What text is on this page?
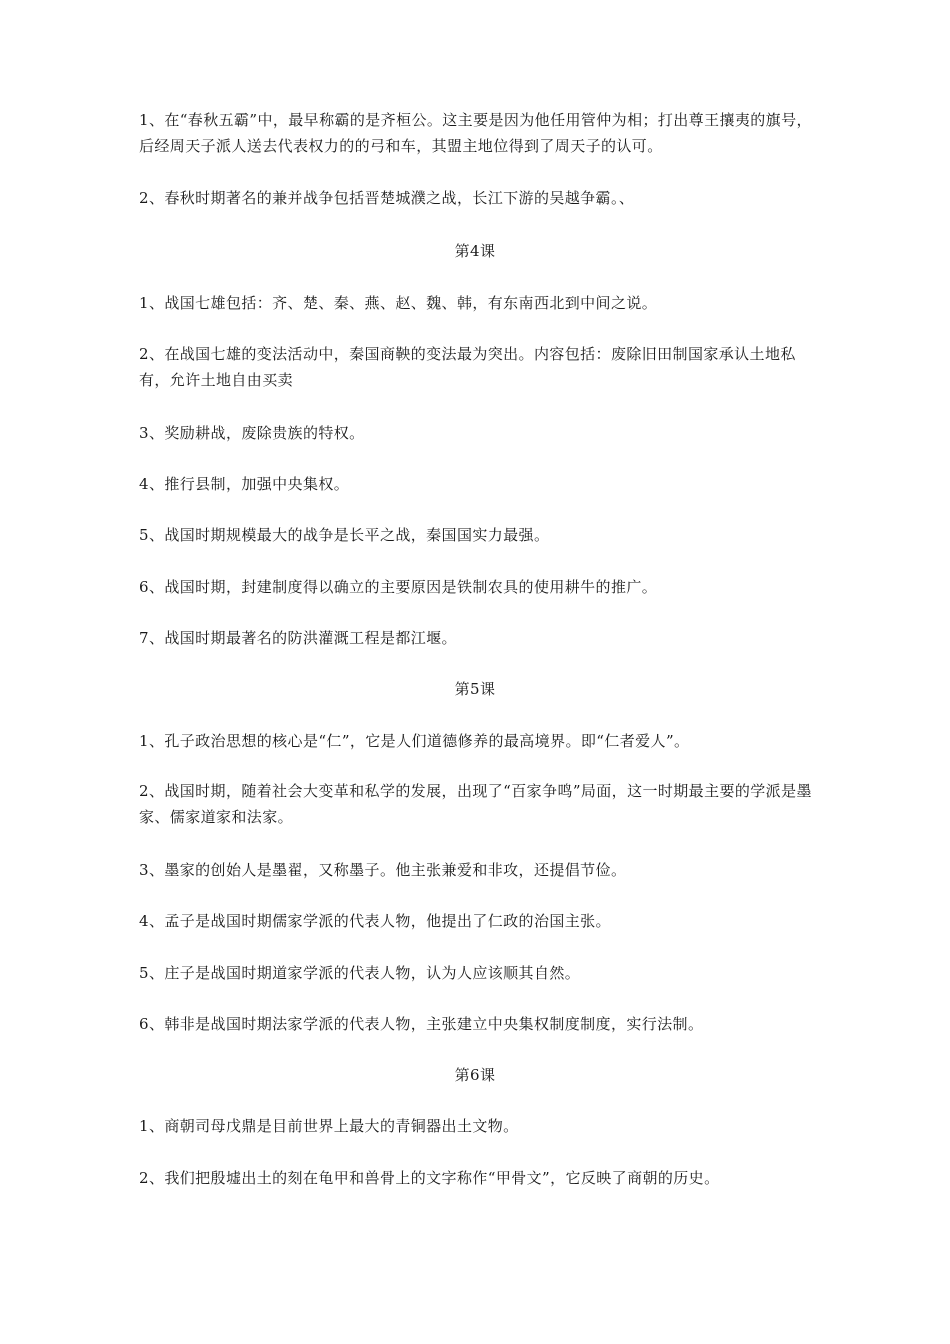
1、在“春秋五霸”中，最早称霸的是齐桓公。这主要是因为他任用管仲为相；打出尊王攘夷的旗号，后经周天子派人送去代表权力的的弓和车，其盟主地位得到了周天子的认可。

2、春秋时期著名的兼并战争包括晋楚城濮之战，长江下游的吴越争霸。、

第4课

1、战国七雄包括：齐、楚、秦、燕、赵、魏、韩，有东南西北到中间之说。

2、在战国七雄的变法活动中，秦国商鞅的变法最为突出。内容包括：废除旧田制国家承认土地私有，允许土地自由买卖

3、奖励耕战，废除贵族的特权。

4、推行县制，加强中央集权。

5、战国时期规模最大的战争是长平之战，秦国国实力最强。

6、战国时期，封建制度得以确立的主要原因是铁制农具的使用耕牛的推广。

7、战国时期最著名的防洪灌溉工程是都江堰。

第5课

1、孔子政治思想的核心是“仁”，它是人们道德修养的最高境界。即“仁者爱人”。

2、战国时期，随着社会大变革和私学的发展，出现了“百家争鸣”局面，这一时期最主要的学派是墨家、儒家道家和法家。

3、墨家的创始人是墨翟，又称墨子。他主张兼爱和非攻，还提倡节俭。

4、孟子是战国时期儒家学派的代表人物，他提出了仁政的治国主张。

5、庄子是战国时期道家学派的代表人物，认为人应该顺其自然。

6、韩非是战国时期法家学派的代表人物，主张建立中央集权制度制度，实行法制。

第6课

1、商朝司母戊鼎是目前世界上最大的青铜器出土文物。

2、我们把殷墟出土的刻在龟甲和兽骨上的文字称作“甲骨文”，它反映了商朝的历史。
